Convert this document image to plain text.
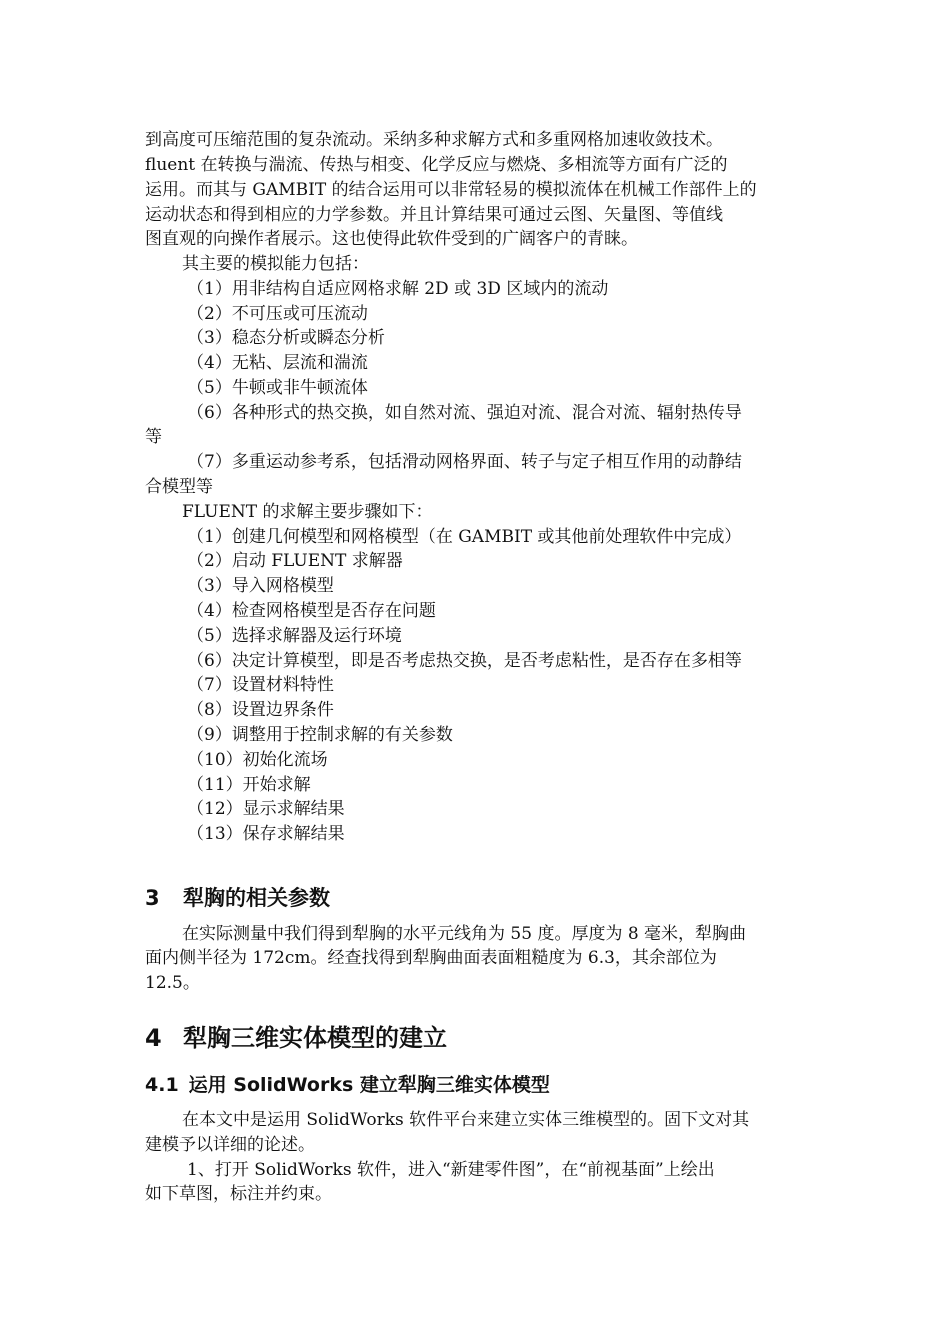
到高度可压缩范围的复杂流动。采纳多种求解方式和多重网格加速收敛技术。
fluent 在转换与湍流、传热与相变、化学反应与燃烧、多相流等方面有广泛的
运用。而其与 GAMBIT 的结合运用可以非常轻易的模拟流体在机械工作部件上的
运动状态和得到相应的力学参数。并且计算结果可通过云图、矢量图、等值线
图直观的向操作者展示。这也使得此软件受到的广阔客户的青睐。
其主要的模拟能力包括：
（1）用非结构自适应网格求解 2D 或 3D 区域内的流动
（2）不可压或可压流动
（3）稳态分析或瞬态分析
（4）无粘、层流和湍流
（5）牛顿或非牛顿流体
（6）各种形式的热交换，如自然对流、强迫对流、混合对流、辐射热传导
等
（7）多重运动参考系，包括滑动网格界面、转子与定子相互作用的动静结
合模型等
FLUENT 的求解主要步骤如下：
（1）创建几何模型和网格模型（在 GAMBIT 或其他前处理软件中完成）
（2）启动 FLUENT 求解器
（3）导入网格模型
（4）检查网格模型是否存在问题
（5）选择求解器及运行环境
（6）决定计算模型，即是否考虑热交换，是否考虑粘性，是否存在多相等
（7）设置材料特性
（8）设置边界条件
（9）调整用于控制求解的有关参数
（10）初始化流场
（11）开始求解
（12）显示求解结果
（13）保存求解结果
3 犁胸的相关参数
在实际测量中我们得到犁胸的水平元线角为 55 度。厚度为 8 毫米，犁胸曲
面内侧半径为 172cm。经查找得到犁胸曲面表面粗糙度为 6.3，其余部位为
12.5。
4 犁胸三维实体模型的建立
4.1 运用 SolidWorks 建立犁胸三维实体模型
在本文中是运用 SolidWorks 软件平台来建立实体三维模型的。固下文对其
建模予以详细的论述。
1、打开 SolidWorks 软件，进入“新建零件图”，在“前视基面”上绘出
如下草图，标注并约束。
